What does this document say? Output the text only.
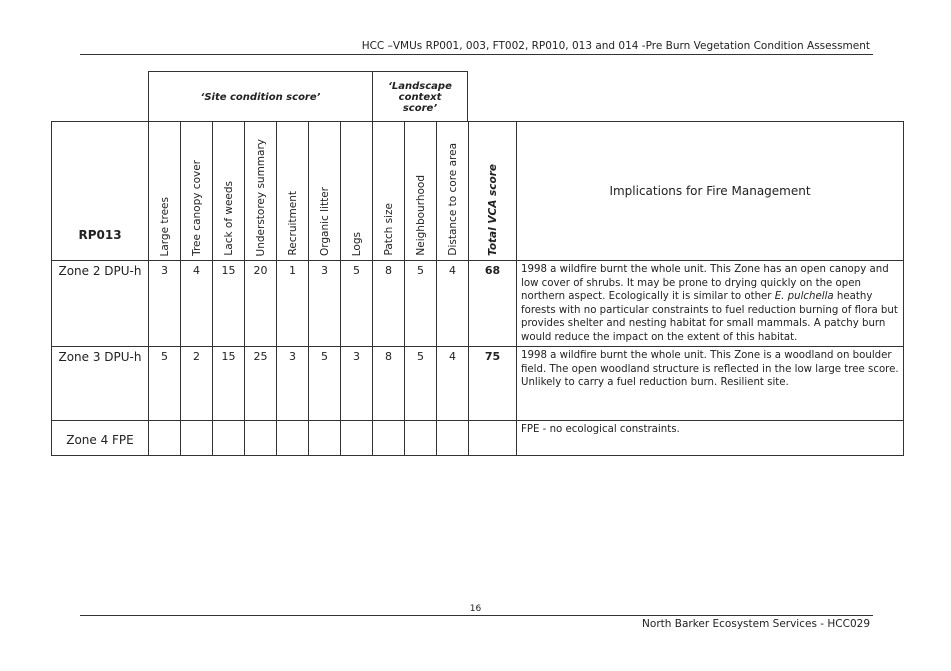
HCC –VMUs RP001, 003, FT002, RP010, 013 and 014 -Pre Burn Vegetation Condition Assessment
‘Site condition score’
‘Landscape context score’
RP013	Large trees	Tree canopy cover	Lack of weeds	Understorey summary	Recruitment	Organic litter	Logs	Patch size	Neighbourhood	Distance to core area	Total VCA score	Implications for Fire Management
Zone 2 DPU-h	3	4	15	20	1	3	5	8	5	4	68	1998 a wildfire burnt the whole unit. This Zone has an open canopy and low cover of shrubs. It may be prone to drying quickly on the open northern aspect. Ecologically it is similar to other E. pulchella heathy forests with no particular constraints to fuel reduction burning of flora but provides shelter and nesting habitat for small mammals. A patchy burn would reduce the impact on the extent of this habitat.
Zone 3 DPU-h	5	2	15	25	3	5	3	8	5	4	75	1998 a wildfire burnt the whole unit. This Zone is a woodland on boulder field. The open woodland structure is reflected in the low large tree score. Unlikely to carry a fuel reduction burn. Resilient site.
Zone 4 FPE												FPE - no ecological constraints.
16
North Barker Ecosystem Services - HCC029
